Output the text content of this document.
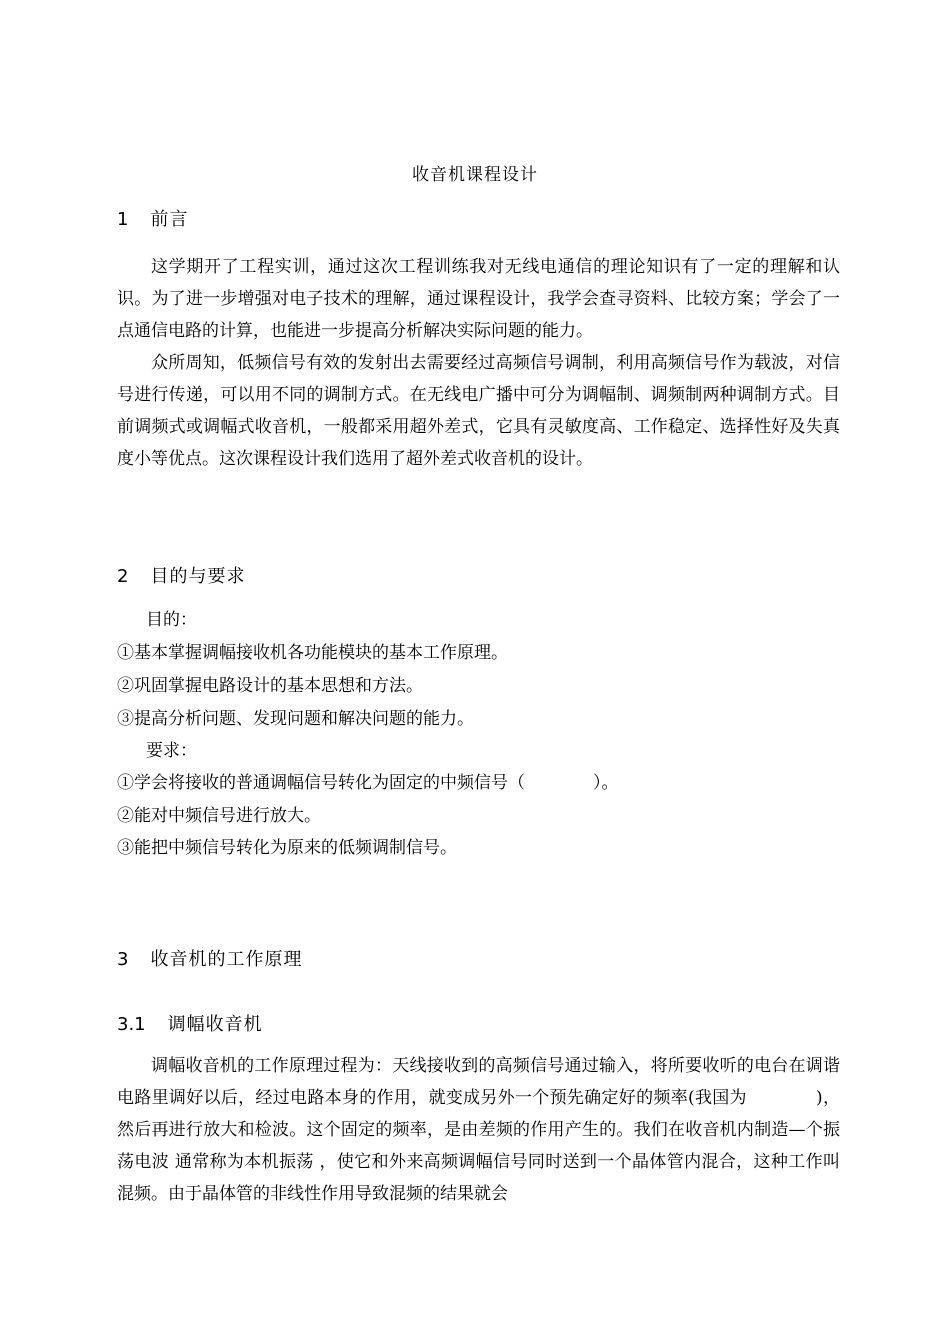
收音机课程设计
1 前言
这学期开了工程实训，通过这次工程训练我对无线电通信的理论知识有了一定的理解和认识。为了进一步增强对电子技术的理解，通过课程设计，我学会查寻资料、比较方案；学会了一点通信电路的计算，也能进一步提高分析解决实际问题的能力。
众所周知，低频信号有效的发射出去需要经过高频信号调制，利用高频信号作为载波，对信号进行传递，可以用不同的调制方式。在无线电广播中可分为调幅制、调频制两种调制方式。目前调频式或调幅式收音机，一般都采用超外差式，它具有灵敏度高、工作稳定、选择性好及失真度小等优点。这次课程设计我们选用了超外差式收音机的设计。
2 目的与要求
目的：
①基本掌握调幅接收机各功能模块的基本工作原理。
②巩固掌握电路设计的基本思想和方法。
③提高分析问题、发现问题和解决问题的能力。
要求：
①学会将接收的普通调幅信号转化为固定的中频信号（　　　　）。
②能对中频信号进行放大。
③能把中频信号转化为原来的低频调制信号。
3 收音机的工作原理
3.1 调幅收音机
调幅收音机的工作原理过程为：天线接收到的高频信号通过输入，将所要收听的电台在调谐电路里调好以后，经过电路本身的作用，就变成另外一个预先确定好的频率(我国为　　　　)，然后再进行放大和检波。这个固定的频率，是由差频的作用产生的。我们在收音机内制造—个振荡电波 通常称为本机振荡 ，使它和外来高频调幅信号同时送到一个晶体管内混合，这种工作叫混频。由于晶体管的非线性作用导致混频的结果就会
